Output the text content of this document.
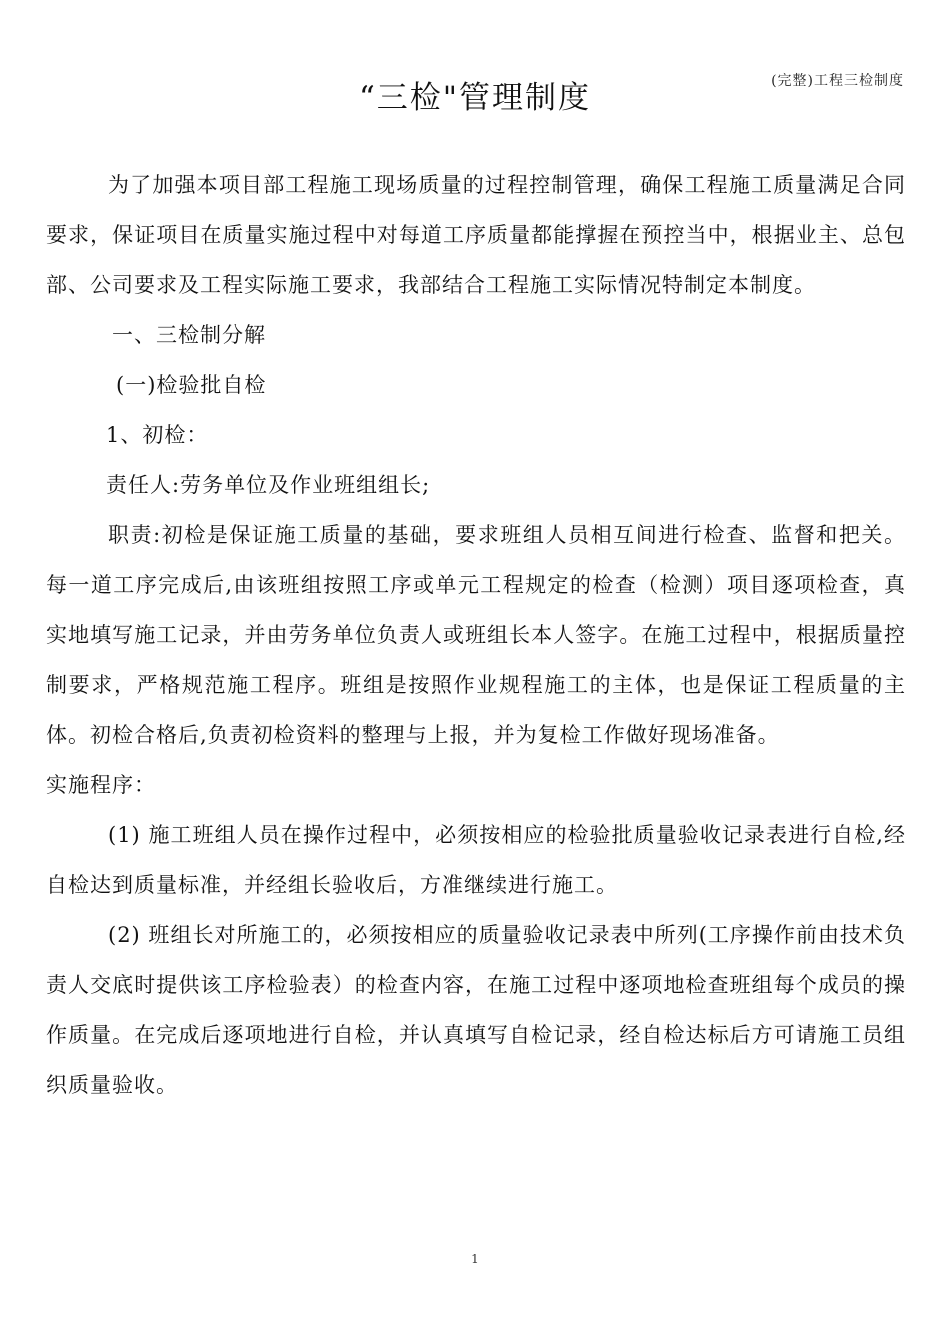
(完整)工程三检制度
“三检"管理制度

为了加强本项目部工程施工现场质量的过程控制管理，确保工程施工质量满足合同要求，保证项目在质量实施过程中对每道工序质量都能撑握在预控当中，根据业主、总包部、公司要求及工程实际施工要求，我部结合工程施工实际情况特制定本制度。

一、三检制分解

(一)检验批自检

1、初检：

责任人:劳务单位及作业班组组长;

职责:初检是保证施工质量的基础，要求班组人员相互间进行检查、监督和把关。每一道工序完成后,由该班组按照工序或单元工程规定的检查（检测）项目逐项检查，真实地填写施工记录，并由劳务单位负责人或班组长本人签字。在施工过程中，根据质量控制要求，严格规范施工程序。班组是按照作业规程施工的主体，也是保证工程质量的主体。初检合格后,负责初检资料的整理与上报，并为复检工作做好现场准备。

实施程序：

(1) 施工班组人员在操作过程中，必须按相应的检验批质量验收记录表进行自检,经自检达到质量标准，并经组长验收后，方准继续进行施工。

(2) 班组长对所施工的，必须按相应的质量验收记录表中所列(工序操作前由技术负责人交底时提供该工序检验表）的检查内容，在施工过程中逐项地检查班组每个成员的操作质量。在完成后逐项地进行自检，并认真填写自检记录，经自检达标后方可请施工员组织质量验收。

1
